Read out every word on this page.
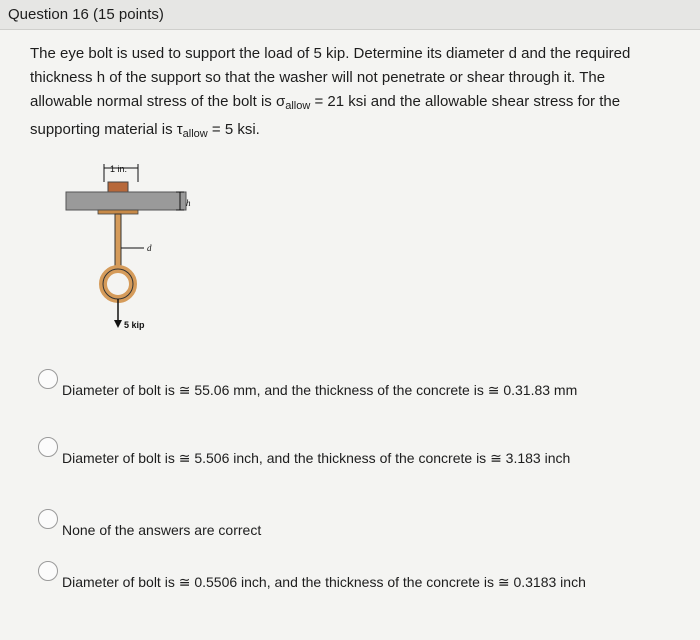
Question 16 (15 points)
The eye bolt is used to support the load of 5 kip. Determine its diameter d and the required thickness h of the support so that the washer will not penetrate or shear through it. The allowable normal stress of the bolt is $\sigma_{allow} = 21$ ksi and the allowable shear stress for the supporting material is $\tau_{allow} = 5$ ksi.
1 in.
h
d
5 kip
Diameter of bolt is ≅ 55.06 mm, and the thickness of the concrete is ≅ 0.31.83 mm
Diameter of bolt is ≅ 5.506 inch, and the thickness of the concrete is ≅ 3.183 inch
None of the answers are correct
Diameter of bolt is ≅ 0.5506 inch, and the thickness of the concrete is ≅ 0.3183 inch
